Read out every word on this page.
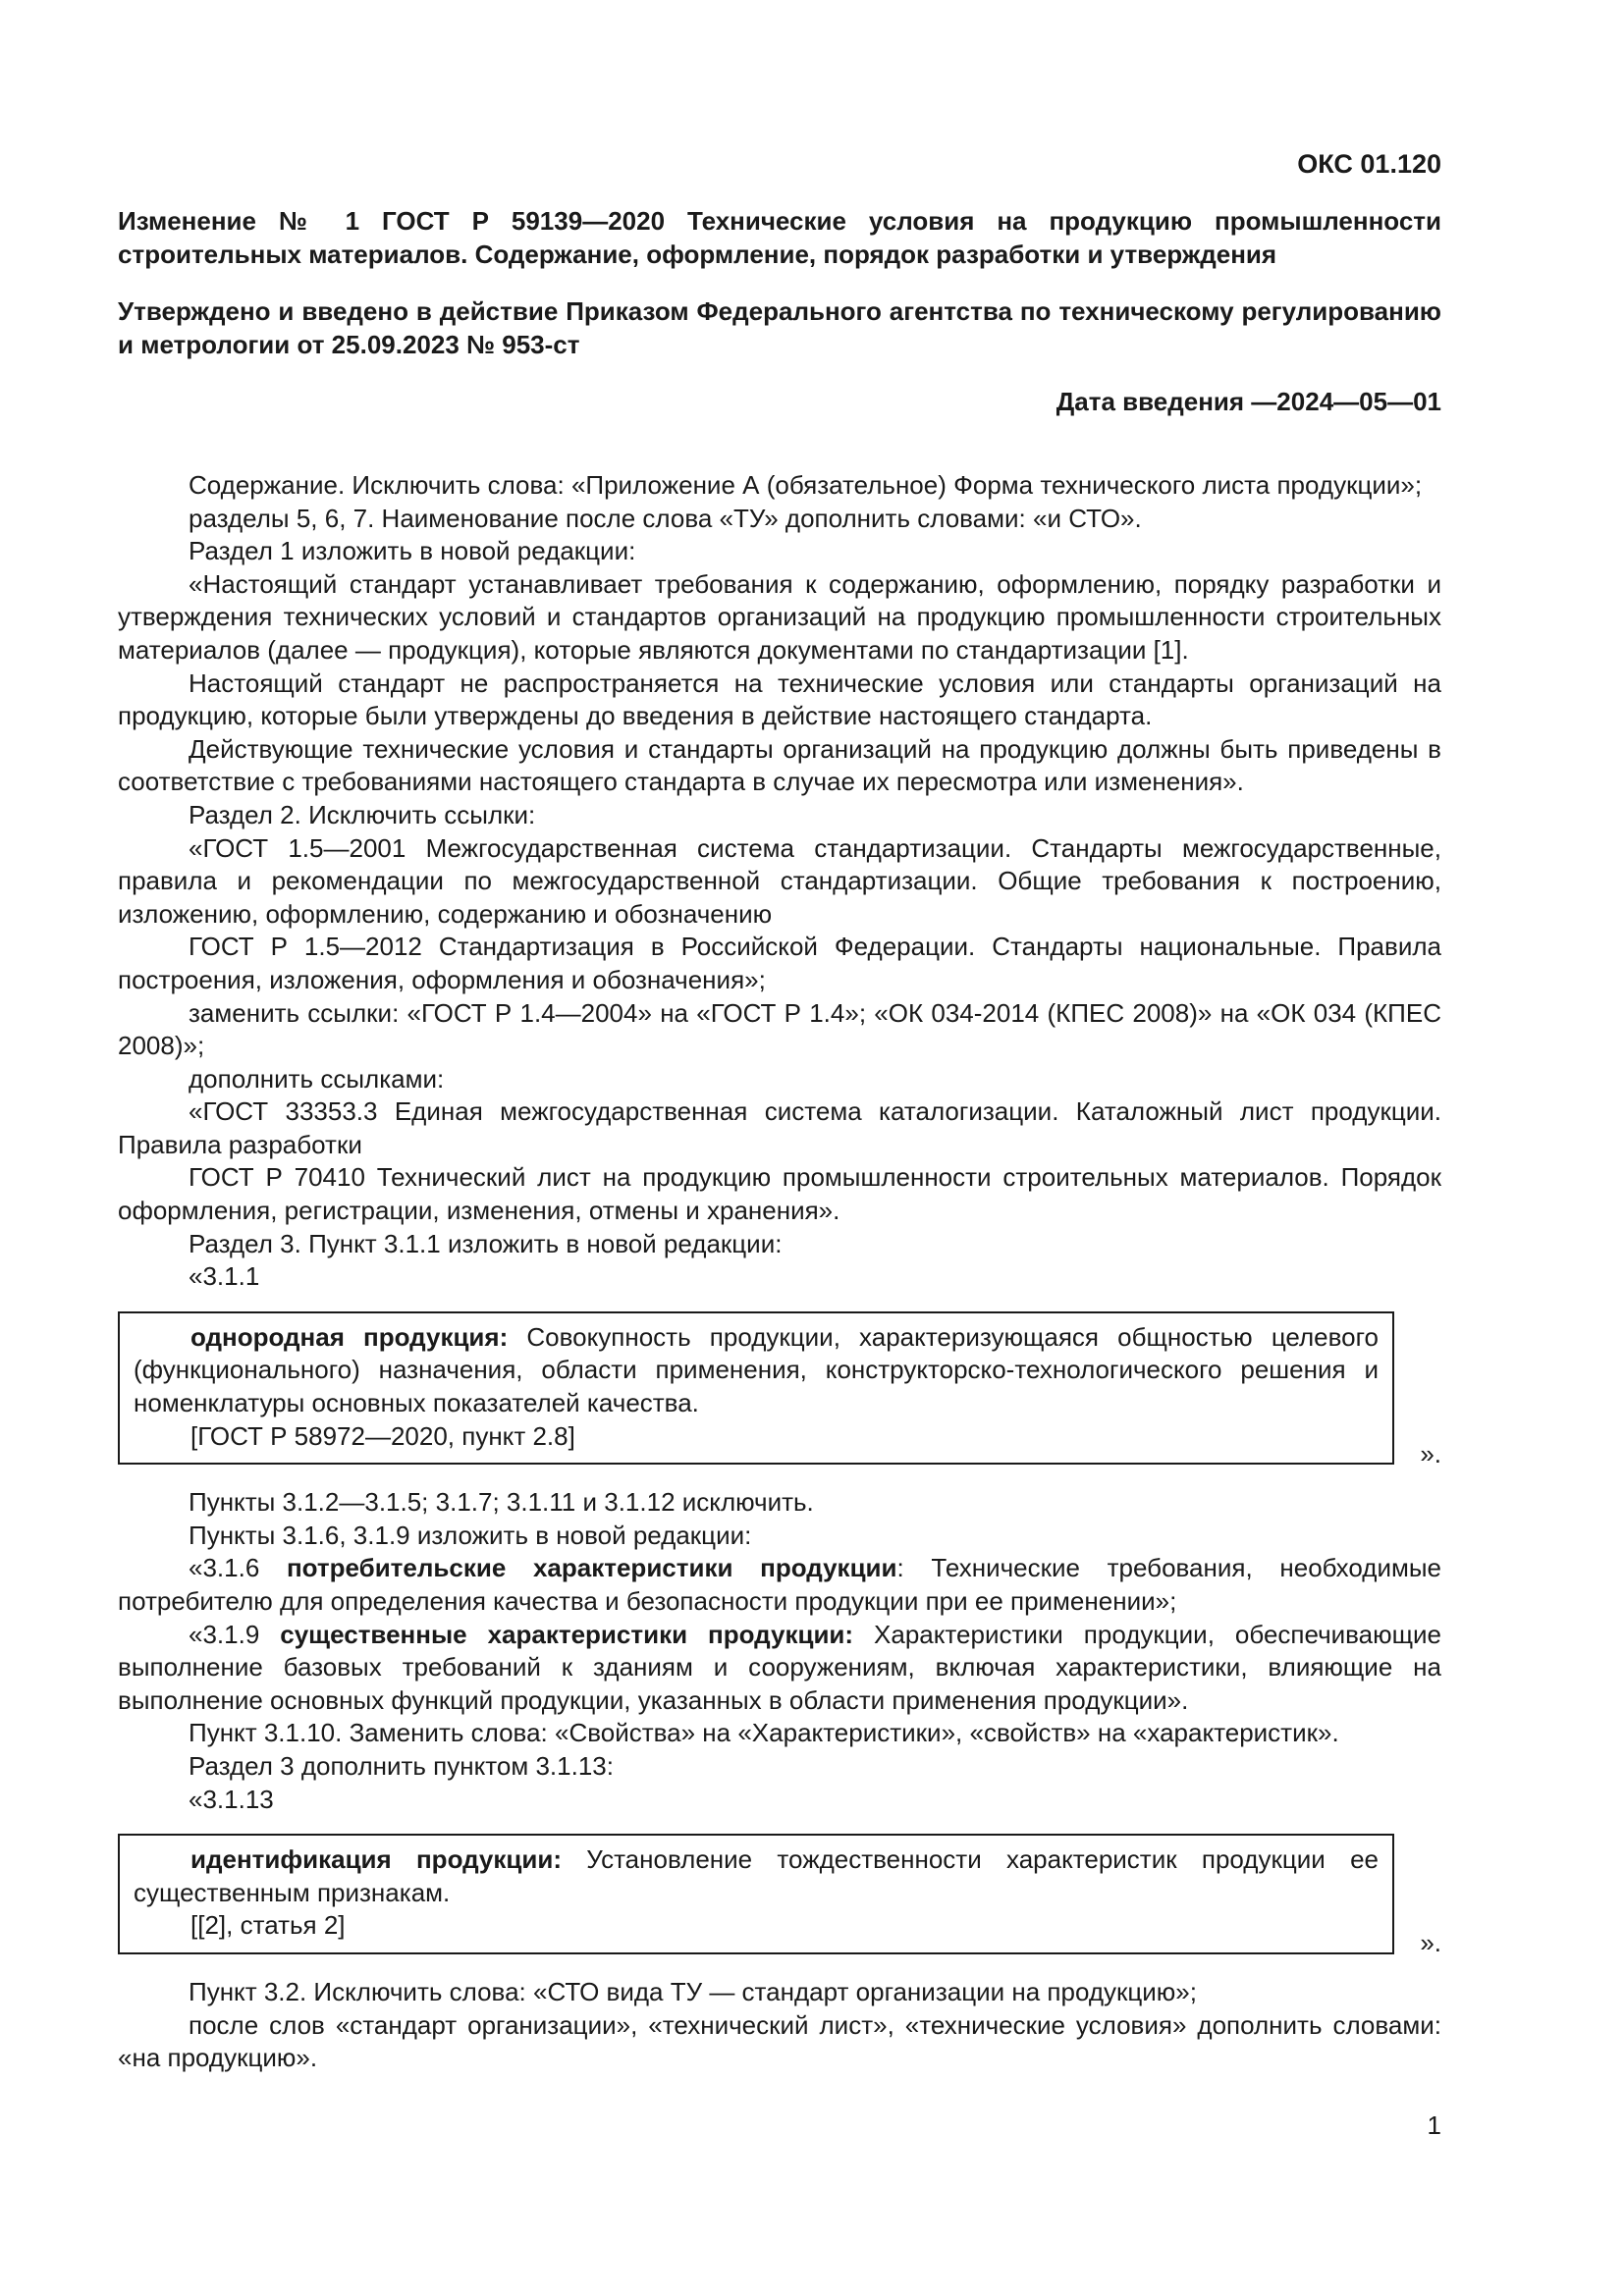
ОКС 01.120
Изменение № 1 ГОСТ Р 59139—2020 Технические условия на продукцию промышленности строительных материалов. Содержание, оформление, порядок разработки и утверждения
Утверждено и введено в действие Приказом Федерального агентства по техническому регулированию и метрологии от 25.09.2023 № 953-ст
Дата введения —2024—05—01

Содержание. Исключить слова: «Приложение А (обязательное) Форма технического листа продукции»;

разделы 5, 6, 7. Наименование после слова «ТУ» дополнить словами: «и СТО».

Раздел 1 изложить в новой редакции:

«Настоящий стандарт устанавливает требования к содержанию, оформлению, порядку разработки и утверждения технических условий и стандартов организаций на продукцию промышленности строительных материалов (далее — продукция), которые являются документами по стандартизации [1].

Настоящий стандарт не распространяется на технические условия или стандарты организаций на продукцию, которые были утверждены до введения в действие настоящего стандарта.

Действующие технические условия и стандарты организаций на продукцию должны быть приведены в соответствие с требованиями настоящего стандарта в случае их пересмотра или изменения».

Раздел 2. Исключить ссылки:

«ГОСТ 1.5—2001 Межгосударственная система стандартизации. Стандарты межгосударственные, правила и рекомендации по межгосударственной стандартизации. Общие требования к построению, изложению, оформлению, содержанию и обозначению

ГОСТ Р 1.5—2012 Стандартизация в Российской Федерации. Стандарты национальные. Правила построения, изложения, оформления и обозначения»;

заменить ссылки: «ГОСТ Р 1.4—2004» на «ГОСТ Р 1.4»; «ОК 034-2014 (КПЕС 2008)» на «ОК 034 (КПЕС 2008)»;

дополнить ссылками:

«ГОСТ 33353.3 Единая межгосударственная система каталогизации. Каталожный лист продукции. Правила разработки

ГОСТ Р 70410 Технический лист на продукцию промышленности строительных материалов. Порядок оформления, регистрации, изменения, отмены и хранения».

Раздел 3. Пункт 3.1.1 изложить в новой редакции:

«3.1.1

однородная продукция: Совокупность продукции, характеризующаяся общностью целевого (функционального) назначения, области применения, конструкторско-технологического решения и номенклатуры основных показателей качества.

[ГОСТ Р 58972—2020, пункт 2.8]

».

Пункты 3.1.2—3.1.5; 3.1.7; 3.1.11 и 3.1.12 исключить.

Пункты 3.1.6, 3.1.9 изложить в новой редакции:

«3.1.6 потребительские характеристики продукции: Технические требования, необходимые потребителю для определения качества и безопасности продукции при ее применении»;

«3.1.9 существенные характеристики продукции: Характеристики продукции, обеспечивающие выполнение базовых требований к зданиям и сооружениям, включая характеристики, влияющие на выполнение основных функций продукции, указанных в области применения продукции».

Пункт 3.1.10. Заменить слова: «Свойства» на «Характеристики», «свойств» на «характеристик».

Раздел 3 дополнить пунктом 3.1.13:

«3.1.13

идентификация продукции: Установление тождественности характеристик продукции ее существенным признакам.

[[2], статья 2]

».

Пункт 3.2. Исключить слова: «СТО вида ТУ — стандарт организации на продукцию»;

после слов «стандарт организации», «технический лист», «технические условия» дополнить словами: «на продукцию».

1
